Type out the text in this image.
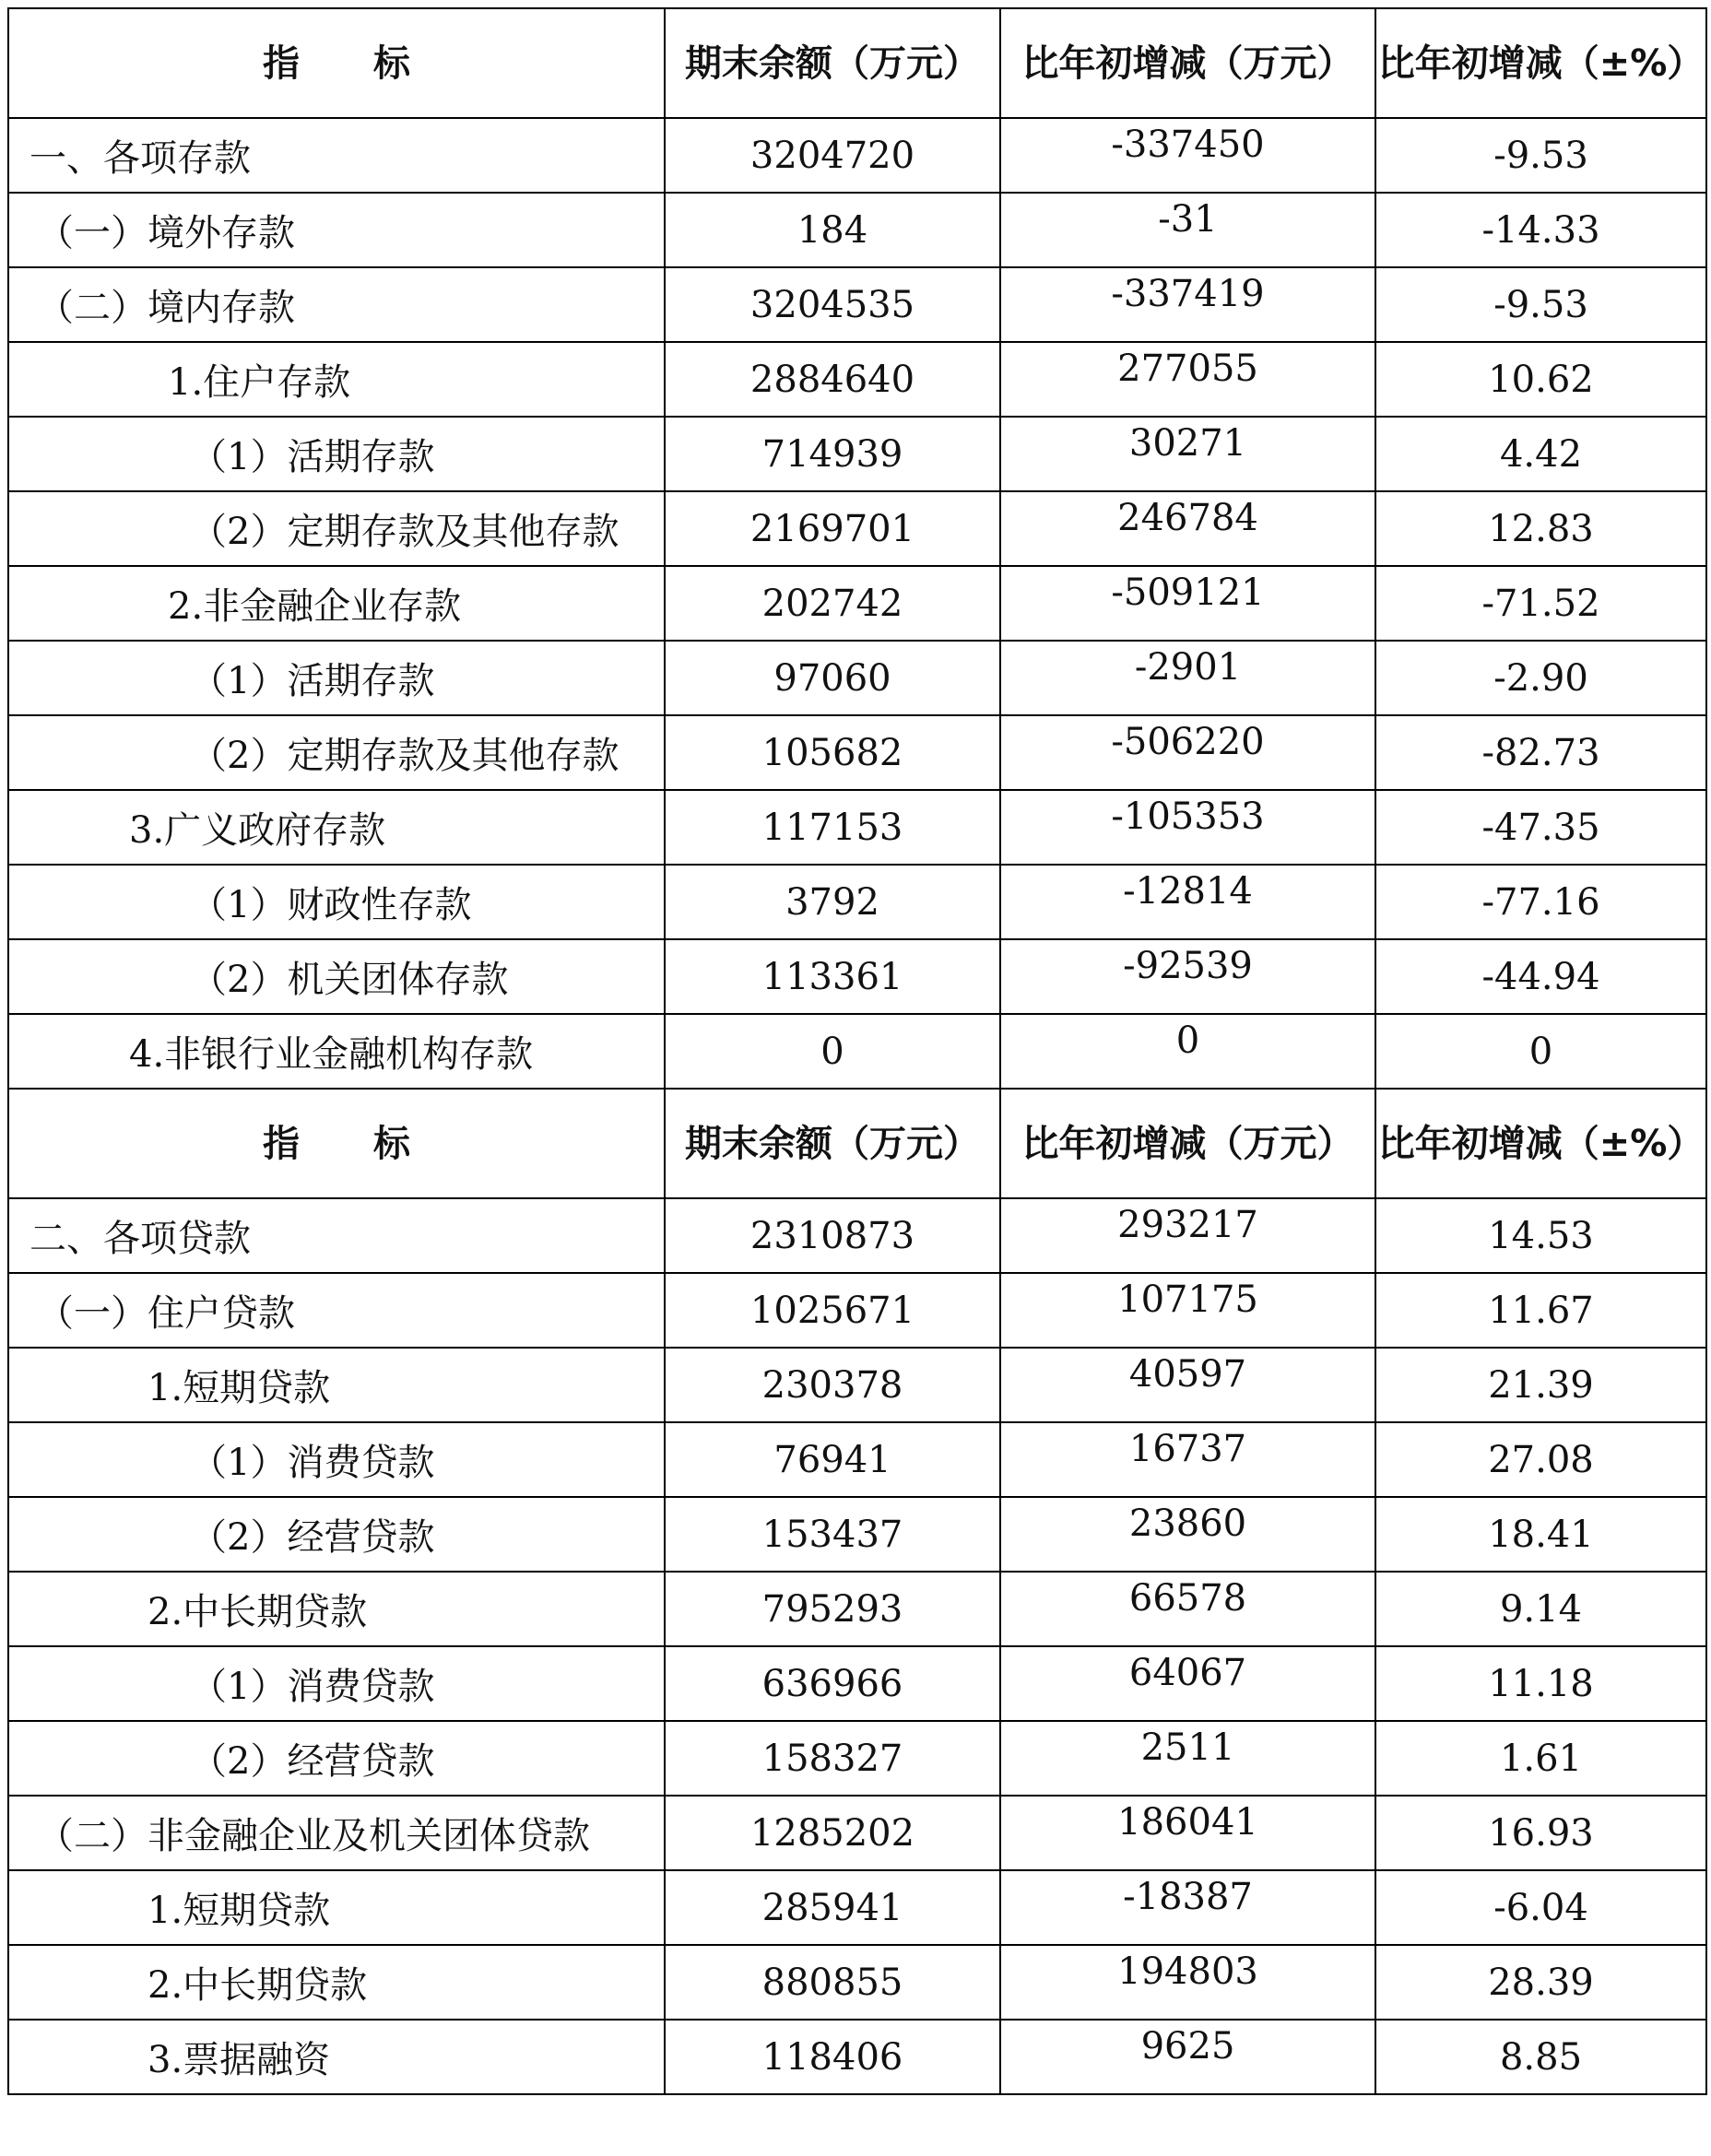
指　　标	期末余额（万元）	比年初增减（万元）	比年初增减（±%）
一、各项存款	3204720	-337450	-9.53
（一）境外存款	184	-31	-14.33
（二）境内存款	3204535	-337419	-9.53
1.住户存款	2884640	277055	10.62
（1）活期存款	714939	30271	4.42
（2）定期存款及其他存款	2169701	246784	12.83
2.非金融企业存款	202742	-509121	-71.52
（1）活期存款	97060	-2901	-2.90
（2）定期存款及其他存款	105682	-506220	-82.73
3.广义政府存款	117153	-105353	-47.35
（1）财政性存款	3792	-12814	-77.16
（2）机关团体存款	113361	-92539	-44.94
4.非银行业金融机构存款	0	0	0
指　　标	期末余额（万元）	比年初增减（万元）	比年初增减（±%）
二、各项贷款	2310873	293217	14.53
（一）住户贷款	1025671	107175	11.67
1.短期贷款	230378	40597	21.39
（1）消费贷款	76941	16737	27.08
（2）经营贷款	153437	23860	18.41
2.中长期贷款	795293	66578	9.14
（1）消费贷款	636966	64067	11.18
（2）经营贷款	158327	2511	1.61
（二）非金融企业及机关团体贷款	1285202	186041	16.93
1.短期贷款	285941	-18387	-6.04
2.中长期贷款	880855	194803	28.39
3.票据融资	118406	9625	8.85
